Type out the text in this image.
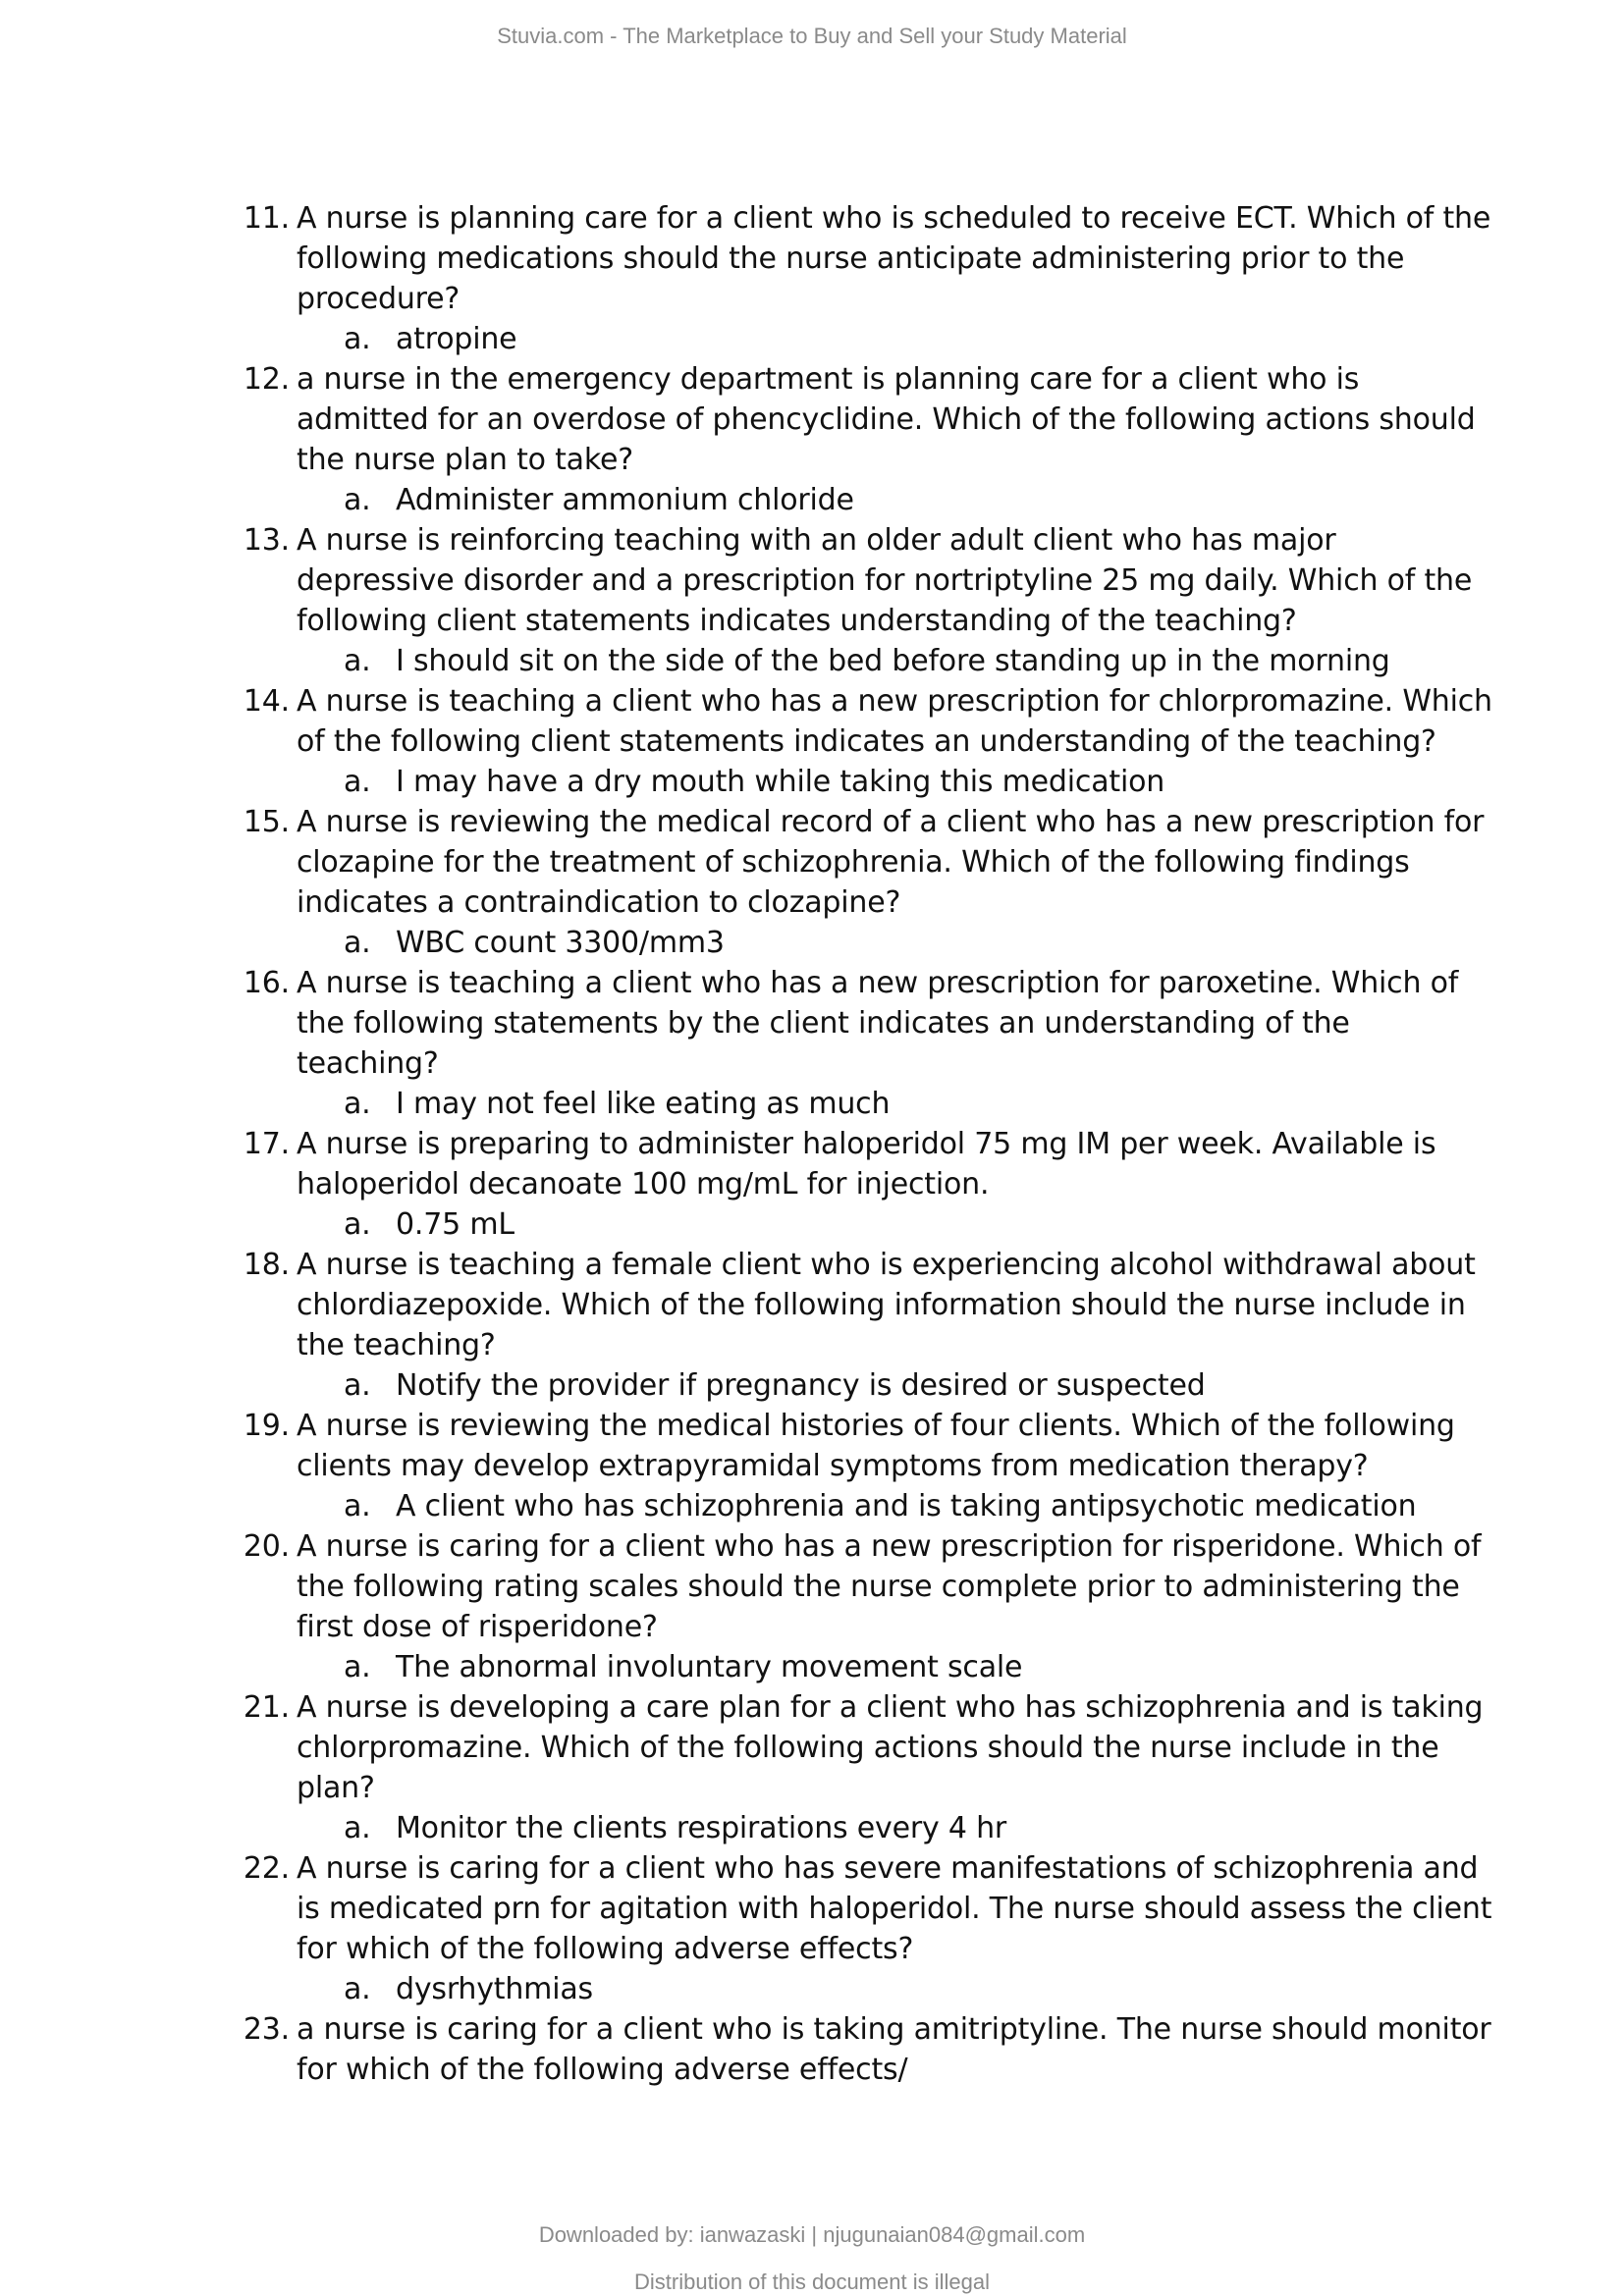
Stuvia.com - The Marketplace to Buy and Sell your Study Material
11. A nurse is planning care for a client who is scheduled to receive ECT. Which of the following medications should the nurse anticipate administering prior to the procedure?
a. atropine
12. a nurse in the emergency department is planning care for a client who is admitted for an overdose of phencyclidine. Which of the following actions should the nurse plan to take?
a. Administer ammonium chloride
13. A nurse is reinforcing teaching with an older adult client who has major depressive disorder and a prescription for nortriptyline 25 mg daily. Which of the following client statements indicates understanding of the teaching?
a. I should sit on the side of the bed before standing up in the morning
14. A nurse is teaching a client who has a new prescription for chlorpromazine. Which of the following client statements indicates an understanding of the teaching?
a. I may have a dry mouth while taking this medication
15. A nurse is reviewing the medical record of a client who has a new prescription for clozapine for the treatment of schizophrenia. Which of the following findings indicates a contraindication to clozapine?
a. WBC count 3300/mm3
16. A nurse is teaching a client who has a new prescription for paroxetine. Which of the following statements by the client indicates an understanding of the teaching?
a. I may not feel like eating as much
17. A nurse is preparing to administer haloperidol 75 mg IM per week. Available is haloperidol decanoate 100 mg/mL for injection.
a. 0.75 mL
18. A nurse is teaching a female client who is experiencing alcohol withdrawal about chlordiazepoxide. Which of the following information should the nurse include in the teaching?
a. Notify the provider if pregnancy is desired or suspected
19. A nurse is reviewing the medical histories of four clients. Which of the following clients may develop extrapyramidal symptoms from medication therapy?
a. A client who has schizophrenia and is taking antipsychotic medication
20. A nurse is caring for a client who has a new prescription for risperidone. Which of the following rating scales should the nurse complete prior to administering the first dose of risperidone?
a. The abnormal involuntary movement scale
21. A nurse is developing a care plan for a client who has schizophrenia and is taking chlorpromazine. Which of the following actions should the nurse include in the plan?
a. Monitor the clients respirations every 4 hr
22. A nurse is caring for a client who has severe manifestations of schizophrenia and is medicated prn for agitation with haloperidol. The nurse should assess the client for which of the following adverse effects?
a. dysrhythmias
23. a nurse is caring for a client who is taking amitriptyline. The nurse should monitor for which of the following adverse effects/
Downloaded by: ianwazaski | njugunaian084@gmail.com
Distribution of this document is illegal
